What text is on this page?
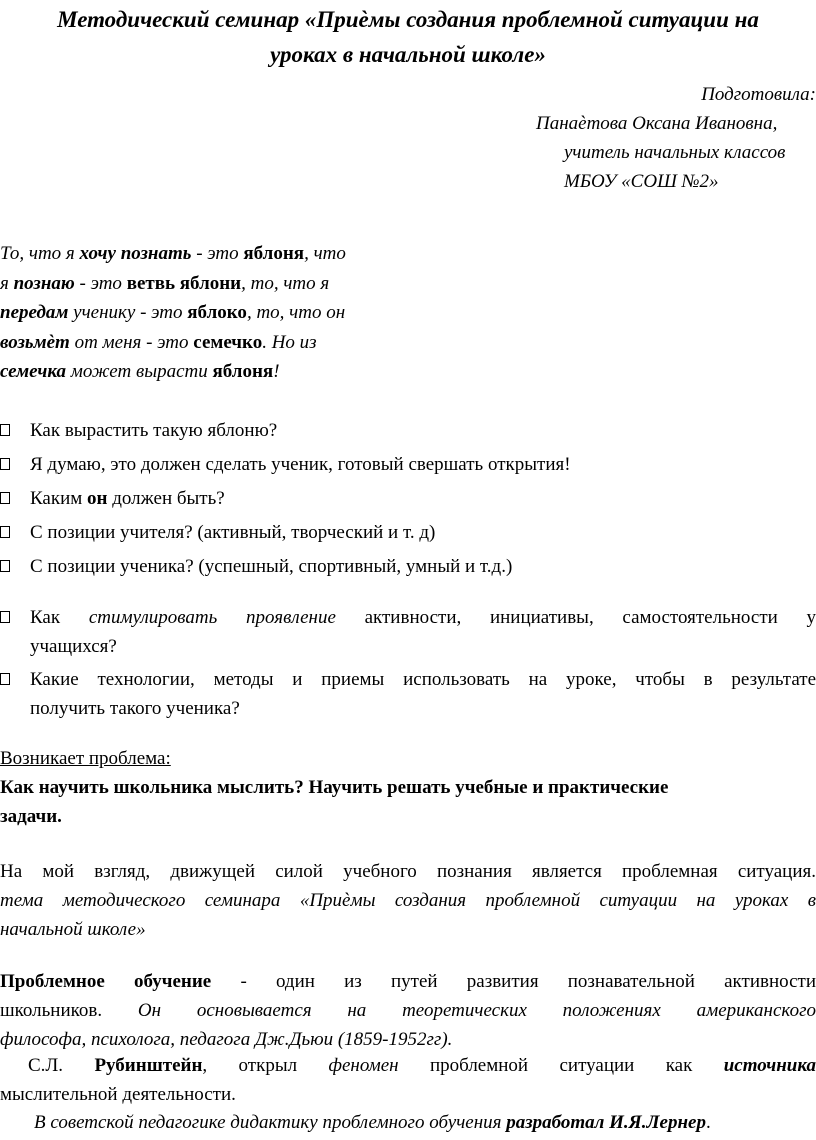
Методический семинар «Приѐмы создания проблемной ситуации на
уроках в начальной школе»
Подготовила:
Панаѐтова Оксана Ивановна,
учитель начальных классов
МБОУ «СОШ №2»
То, что я хочу познать - это яблоня, что
я познаю - это ветвь яблони, то, что я
передам ученику - это яблоко, то, что он
возьмѐт от меня - это семечко. Но из
семечка может вырасти яблоня!
Как вырастить такую яблоню?
Я думаю, это должен сделать ученик, готовый свершать открытия!
Каким он должен быть?
С позиции учителя? (активный, творческий и т. д)
С позиции ученика? (успешный, спортивный, умный и т.д.)
Как стимулировать проявление активности, инициативы, самостоятельности у
учащихся?
Какие технологии, методы и приемы использовать на уроке, чтобы в результате
получить такого ученика?
Возникает проблема:
Как научить школьника мыслить? Научить решать учебные и практические
задачи.
На мой взгляд, движущей силой учебного познания является проблемная ситуация.
тема методического семинара «Приѐмы создания проблемной ситуации на уроках в
начальной школе»
Проблемное обучение - один из путей развития познавательной активности
школьников. Он основывается на теоретических положениях американского
философа, психолога, педагога Дж.Дьюи (1859-1952гг).
С.Л. Рубинштейн, открыл феномен проблемной ситуации как источника
мыслительной деятельности.
В советской педагогике дидактику проблемного обучения разработал И.Я.Лернер.
